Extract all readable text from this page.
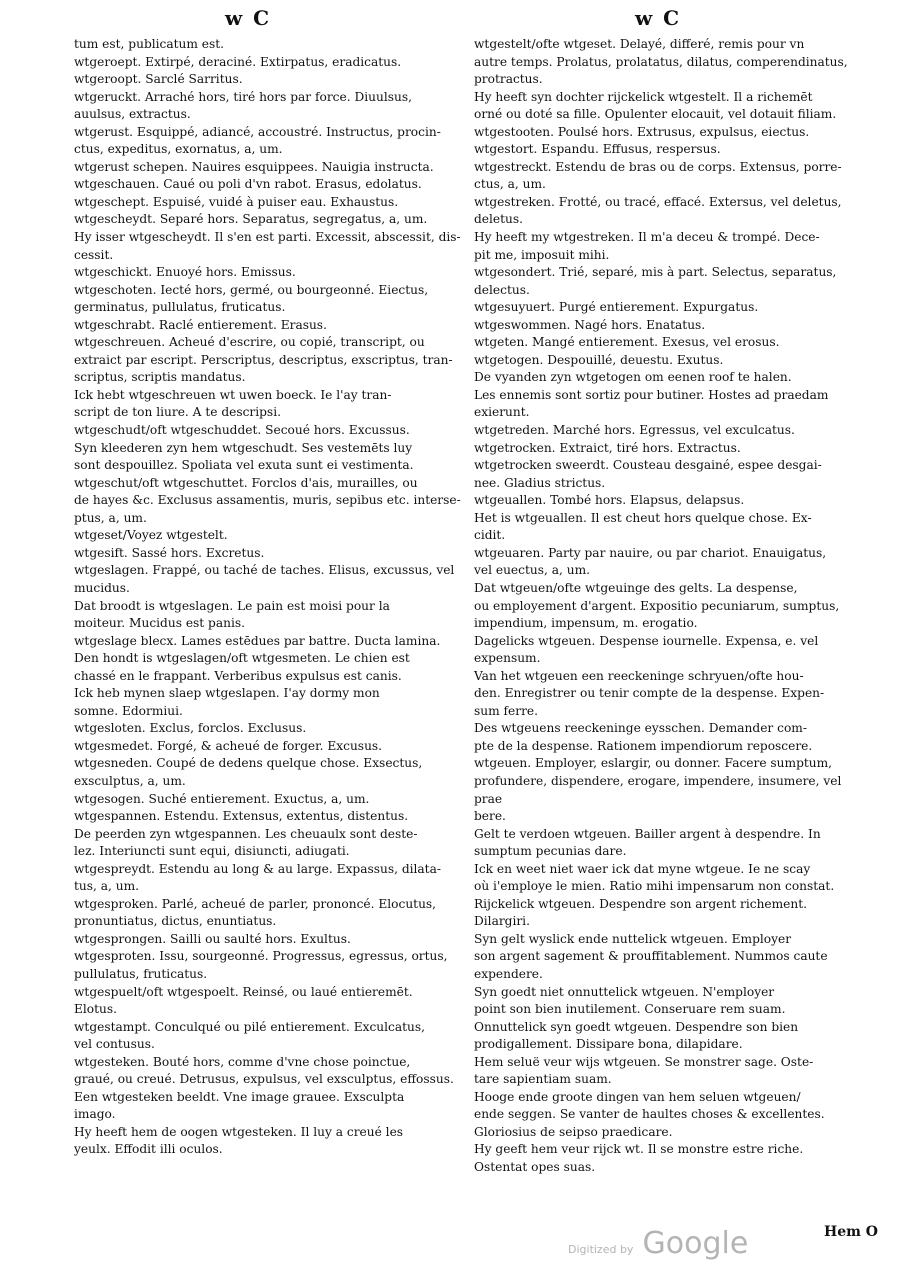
w C	w C

tum est, publicatum est.

wtgeroept. Extirpé, deraciné. Extirpatus, eradicatus.

wtgeroopt. Sarclé Sarritus.

wtgeruckt. Arraché hors, tiré hors par force. Diuulsus,

auulsus, extractus.

wtgerust. Esquippé, adiancé, accoustré. Instructus, procin-

ctus, expeditus, exornatus, a, um.

wtgerust schepen. Nauires esquippees. Nauigia instructa.

wtgeschauen. Caué ou poli d'vn rabot. Erasus, edolatus.

wtgeschept. Espuisé, vuidé à puiser eau. Exhaustus.

wtgescheydt. Separé hors. Separatus, segregatus, a, um.

Hy isser wtgescheydt. Il s'en est parti. Excessit, abscessit, dis-

cessit.

wtgeschickt. Enuoyé hors. Emissus.

wtgeschoten. Iecté hors, germé, ou bourgeonné. Eiectus,

germinatus, pullulatus, fruticatus.

wtgeschrabt. Raclé entierement. Erasus.

wtgeschreuen. Acheué d'escrire, ou copié, transcript, ou

extraict par escript. Perscriptus, descriptus, exscriptus, tran-

scriptus, scriptis mandatus.

Ick hebt wtgeschreuen wt uwen boeck. Ie l'ay tran-

script de ton liure. A te descripsi.

wtgeschudt/oft wtgeschuddet. Secoué hors. Excussus.

Syn kleederen zyn hem wtgeschudt. Ses vestemēts luy

sont despouillez. Spoliata vel exuta sunt ei vestimenta.

wtgeschut/oft wtgeschuttet. Forclos d'ais, murailles, ou

de hayes &c. Exclusus assamentis, muris, sepibus etc. interse-

ptus, a, um.

wtgeset/Voyez wtgestelt.

wtgesift. Sassé hors. Excretus.

wtgeslagen. Frappé, ou taché de taches. Elisus, excussus, vel

mucidus.

Dat broodt is wtgeslagen. Le pain est moisi pour la

moiteur. Mucidus est panis.

wtgeslage blecx. Lames estēdues par battre. Ducta lamina.

Den hondt is wtgeslagen/oft wtgesmeten. Le chien est

chassé en le frappant. Verberibus expulsus est canis.

Ick heb mynen slaep wtgeslapen. I'ay dormy mon

somne. Edormiui.

wtgesloten. Exclus, forclos. Exclusus.

wtgesmedet. Forgé, & acheué de forger. Excusus.

wtgesneden. Coupé de dedens quelque chose. Exsectus,

exsculptus, a, um.

wtgesogen. Suché entierement. Exuctus, a, um.

wtgespannen. Estendu. Extensus, extentus, distentus.

De peerden zyn wtgespannen. Les cheuaulx sont deste-

lez. Interiuncti sunt equi, disiuncti, adiugati.

wtgespreydt. Estendu au long & au large. Expassus, dilata-

tus, a, um.

wtgesproken. Parlé, acheué de parler, prononcé. Elocutus,

pronuntiatus, dictus, enuntiatus.

wtgesprongen. Sailli ou saulté hors. Exultus.

wtgesproten. Issu, sourgeonné. Progressus, egressus, ortus,

pullulatus, fruticatus.

wtgespuelt/oft wtgespoelt. Reinsé, ou laué entieremēt.

Elotus.

wtgestampt. Conculqué ou pilé entierement. Exculcatus,

vel contusus.

wtgesteken. Bouté hors, comme d'vne chose poinctue,

graué, ou creué. Detrusus, expulsus, vel exsculptus, effossus.

Een wtgesteken beeldt. Vne image grauee. Exsculpta

imago.

Hy heeft hem de oogen wtgesteken. Il luy a creué les

yeulx. Effodit illi oculos.

wtgestelt/ofte wtgeset. Delayé, differé, remis pour vn

autre temps. Prolatus, prolatatus, dilatus, comperendinatus,

protractus.

Hy heeft syn dochter rijckelick wtgestelt. Il a richemēt

orné ou doté sa fille. Opulenter elocauit, vel dotauit filiam.

wtgestooten. Poulsé hors. Extrusus, expulsus, eiectus.

wtgestort. Espandu. Effusus, respersus.

wtgestreckt. Estendu de bras ou de corps. Extensus, porre-

ctus, a, um.

wtgestreken. Frotté, ou tracé, effacé. Extersus, vel deletus,

deletus.

Hy heeft my wtgestreken. Il m'a deceu & trompé. Dece-

pit me, imposuit mihi.

wtgesondert. Trié, separé, mis à part. Selectus, separatus,

delectus.

wtgesuyuert. Purgé entierement. Expurgatus.

wtgeswommen. Nagé hors. Enatatus.

wtgeten. Mangé entierement. Exesus, vel erosus.

wtgetogen. Despouillé, deuestu. Exutus.

De vyanden zyn wtgetogen om eenen roof te halen.

Les ennemis sont sortiz pour butiner. Hostes ad praedam

exierunt.

wtgetreden. Marché hors. Egressus, vel exculcatus.

wtgetrocken. Extraict, tiré hors. Extractus.

wtgetrocken sweerdt. Cousteau desgainé, espee desgai-

nee. Gladius strictus.

wtgeuallen. Tombé hors. Elapsus, delapsus.

Het is wtgeuallen. Il est cheut hors quelque chose. Ex-

cidit.

wtgeuaren. Party par nauire, ou par chariot. Enauigatus,

vel euectus, a, um.

Dat wtgeuen/ofte wtgeuinge des gelts. La despense,

ou employement d'argent. Expositio pecuniarum, sumptus,

impendium, impensum, m. erogatio.

Dagelicks wtgeuen. Despense iournelle. Expensa, e. vel

expensum.

Van het wtgeuen een reeckeninge schryuen/ofte hou-

den. Enregistrer ou tenir compte de la despense. Expen-

sum ferre.

Des wtgeuens reeckeninge eysschen. Demander com-

pte de la despense. Rationem impendiorum reposcere.

wtgeuen. Employer, eslargir, ou donner. Facere sumptum,

profundere, dispendere, erogare, impendere, insumere, vel prae

bere.

Gelt te verdoen wtgeuen. Bailler argent à despendre. In

sumptum pecunias dare.

Ick en weet niet waer ick dat myne wtgeue. Ie ne scay

où i'employe le mien. Ratio mihi impensarum non constat.

Rijckelick wtgeuen. Despendre son argent richement.

Dilargiri.

Syn gelt wyslick ende nuttelick wtgeuen. Employer

son argent sagement & prouffitablement. Nummos caute

expendere.

Syn goedt niet onnuttelick wtgeuen. N'employer

point son bien inutilement. Conseruare rem suam.

Onnuttelick syn goedt wtgeuen. Despendre son bien

prodigallement. Dissipare bona, dilapidare.

Hem seluë veur wijs wtgeuen. Se monstrer sage. Oste-

tare sapientiam suam.

Hooge ende groote dingen van hem seluen wtgeuen/

ende seggen. Se vanter de haultes choses & excellentes.

Gloriosius de seipso praedicare.

Hy geeft hem veur rijck wt. Il se monstre estre riche.

Ostentat opes suas.

Digitized by Google	Hem O
